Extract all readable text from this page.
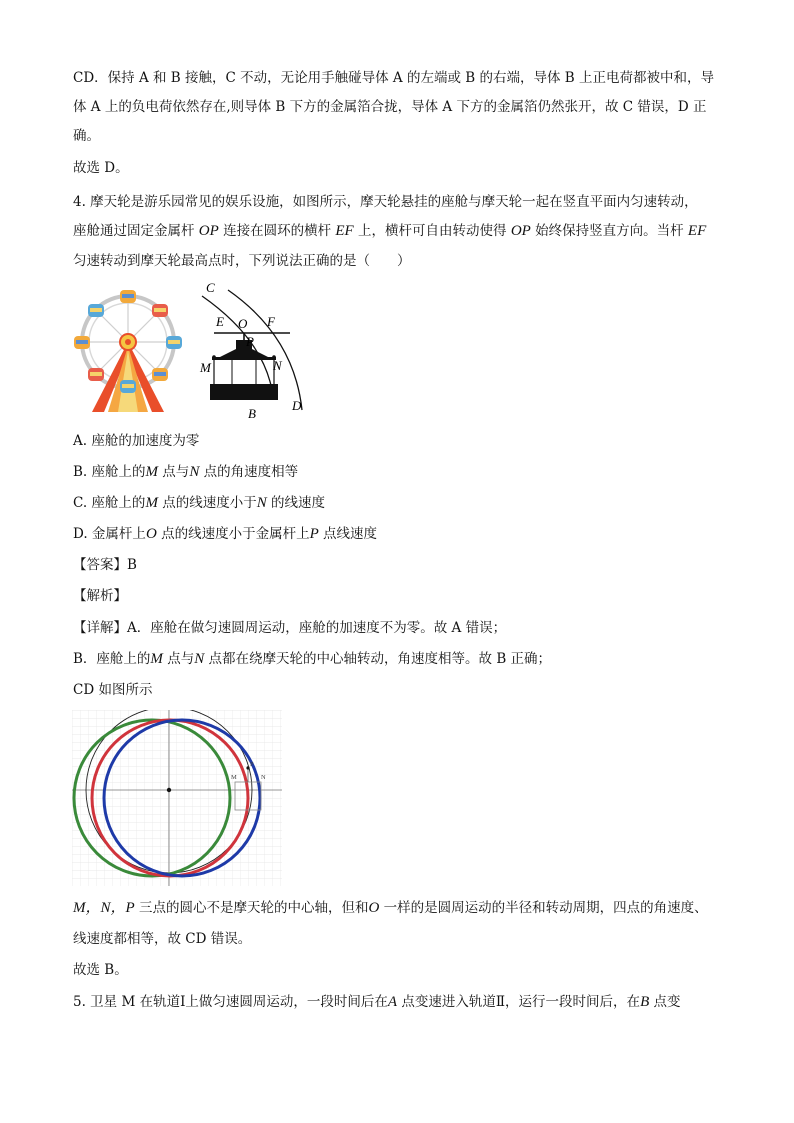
CD．保持 A 和 B 接触，C 不动，无论用手触碰导体 A 的左端或 B 的右端，导体 B 上正电荷都被中和，导
体 A 上的负电荷依然存在,则导体 B 下方的金属箔合拢，导体 A 下方的金属箔仍然张开，故 C 错误，D 正
确。
故选 D。
4. 摩天轮是游乐园常见的娱乐设施，如图所示，摩天轮悬挂的座舱与摩天轮一起在竖直平面内匀速转动，
座舱通过固定金属杆 OP 连接在圆环的横杆 EF 上，横杆可自由转动使得 OP 始终保持竖直方向。当杆 EF
匀速转动到摩天轮最高点时，下列说法正确的是（　　）
C
E O F
P
M	N
B
D
A. 座舱的加速度为零
B. 座舱上的M 点与N 点的角速度相等
C. 座舱上的M 点的线速度小于N 的线速度
D. 金属杆上O 点的线速度小于金属杆上P 点线速度
【答案】B
【解析】
【详解】A．座舱在做匀速圆周运动，座舱的加速度不为零。故 A 错误；
B．座舱上的M 点与N 点都在绕摩天轮的中心轴转动，角速度相等。故 B 正确；
CD 如图所示
M
P
N
M，N，P 三点的圆心不是摩天轮的中心轴，但和O 一样的是圆周运动的半径和转动周期，四点的角速度、
线速度都相等，故 CD 错误。
故选 B。
5. 卫星 M 在轨道Ⅰ上做匀速圆周运动，一段时间后在A 点变速进入轨道Ⅱ，运行一段时间后，在B 点变
